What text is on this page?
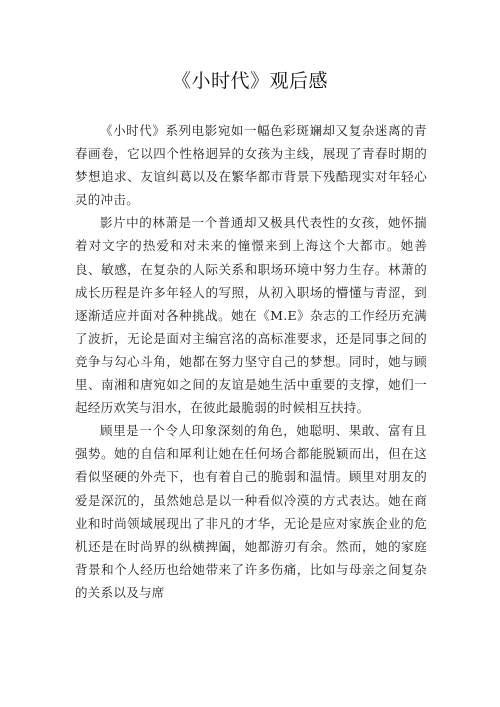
《小时代》观后感

《小时代》系列电影宛如一幅色彩斑斓却又复杂迷离的青春画卷，它以四个性格迥异的女孩为主线，展现了青春时期的梦想追求、友谊纠葛以及在繁华都市背景下残酷现实对年轻心灵的冲击。

影片中的林萧是一个普通却又极具代表性的女孩，她怀揣着对文字的热爱和对未来的憧憬来到上海这个大都市。她善良、敏感，在复杂的人际关系和职场环境中努力生存。林萧的成长历程是许多年轻人的写照，从初入职场的懵懂与青涩，到逐渐适应并面对各种挑战。她在《M.E》杂志的工作经历充满了波折，无论是面对主编宫洺的高标准要求，还是同事之间的竞争与勾心斗角，她都在努力坚守自己的梦想。同时，她与顾里、南湘和唐宛如之间的友谊是她生活中重要的支撑，她们一起经历欢笑与泪水，在彼此最脆弱的时候相互扶持。

顾里是一个令人印象深刻的角色，她聪明、果敢、富有且强势。她的自信和犀利让她在任何场合都能脱颖而出，但在这看似坚硬的外壳下，也有着自己的脆弱和温情。顾里对朋友的爱是深沉的，虽然她总是以一种看似冷漠的方式表达。她在商业和时尚领域展现出了非凡的才华，无论是应对家族企业的危机还是在时尚界的纵横捭阖，她都游刃有余。然而，她的家庭背景和个人经历也给她带来了许多伤痛，比如与母亲之间复杂的关系以及与席
